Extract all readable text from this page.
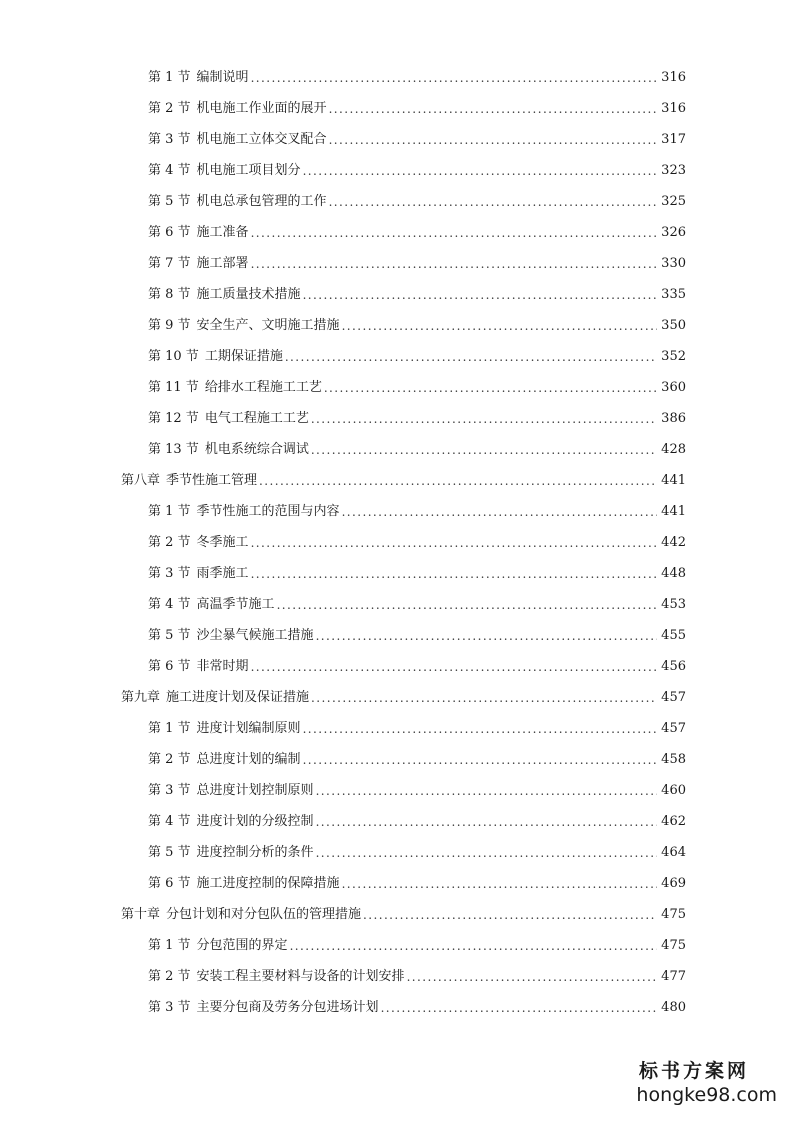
第 1 节 编制说明 . . .	316
第 2 节 机电施工作业面的展开 . . .	316
第 3 节 机电施工立体交叉配合 . . .	317
第 4 节 机电施工项目划分 . . .	323
第 5 节 机电总承包管理的工作 . . .	325
第 6 节 施工准备 . . .	326
第 7 节 施工部署 . . .	330
第 8 节 施工质量技术措施 . . .	335
第 9 节 安全生产、文明施工措施 . . .	350
第 10 节 工期保证措施 . . .	352
第 11 节 给排水工程施工工艺 . . .	360
第 12 节 电气工程施工工艺 . . .	386
第 13 节 机电系统综合调试 . . .	428
第八章 季节性施工管理 . . .	441
第 1 节 季节性施工的范围与内容 . . .	441
第 2 节 冬季施工 . . .	442
第 3 节 雨季施工 . . .	448
第 4 节 高温季节施工 . . .	453
第 5 节 沙尘暴气候施工措施 . . .	455
第 6 节 非常时期 . . .	456
第九章 施工进度计划及保证措施 . . .	457
第 1 节 进度计划编制原则 . . .	457
第 2 节 总进度计划的编制 . . .	458
第 3 节 总进度计划控制原则 . . .	460
第 4 节 进度计划的分级控制 . . .	462
第 5 节 进度控制分析的条件 . . .	464
第 6 节 施工进度控制的保障措施 . . .	469
第十章 分包计划和对分包队伍的管理措施 . . .	475
第 1 节 分包范围的界定 . . .	475
第 2 节 安装工程主要材料与设备的计划安排 . . .	477
第 3 节 主要分包商及劳务分包进场计划 . . .	480
标书方案网
hongke98.com
